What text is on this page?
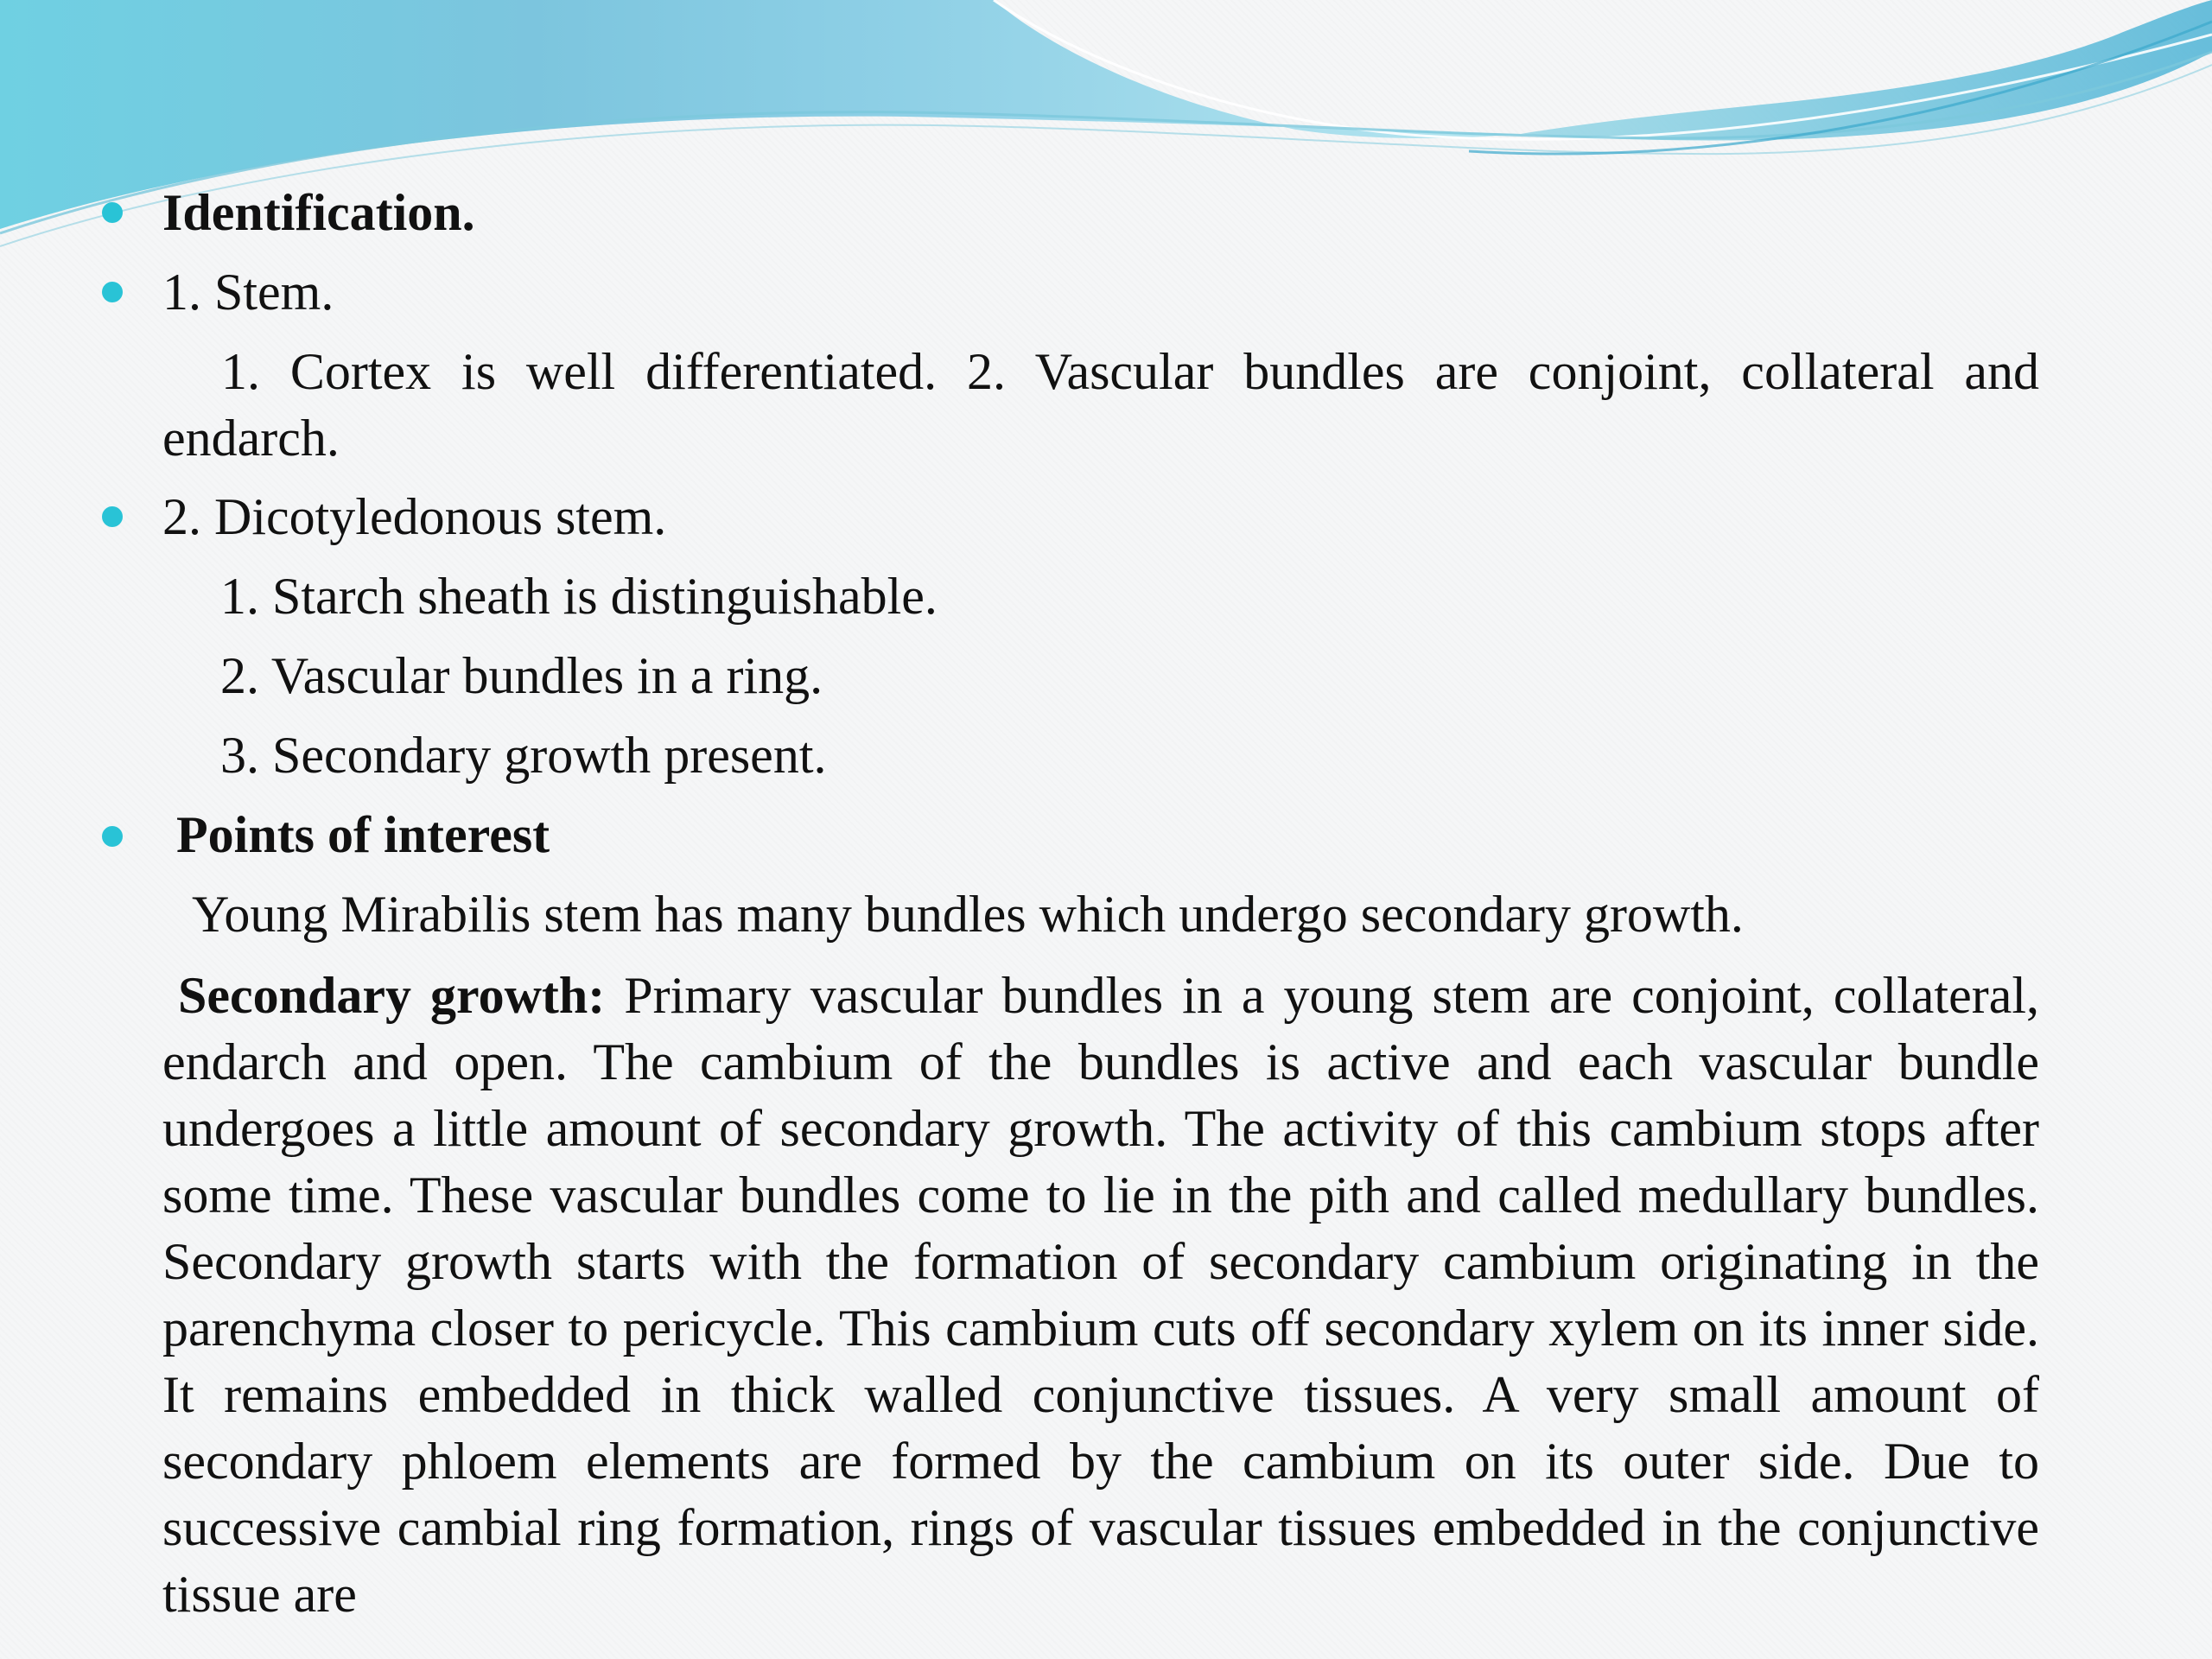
Identification.
1. Stem.

1. Cortex is well differentiated. 2. Vascular bundles are conjoint, collateral and endarch.

2. Dicotyledonous stem.
1. Starch sheath is distinguishable.
2. Vascular bundles in a ring.
3. Secondary growth present.
Points of interest
Young Mirabilis stem has many bundles which undergo secondary growth.

Secondary growth: Primary vascular bundles in a young stem are conjoint, collateral, endarch and open. The cambium of the bundles is active and each vascular bundle undergoes a little amount of secondary growth. The activity of this cambium stops after some time. These vascular bundles come to lie in the pith and called medullary bundles. Secondary growth starts with the formation of secondary cambium originating in the parenchyma closer to pericycle. This cambium cuts off secondary xylem on its inner side. It remains embedded in thick walled conjunctive tissues. A very small amount of secondary phloem elements are formed by the cambium on its outer side. Due to successive cambial ring formation, rings of vascular tissues embedded in the conjunctive tissue are
